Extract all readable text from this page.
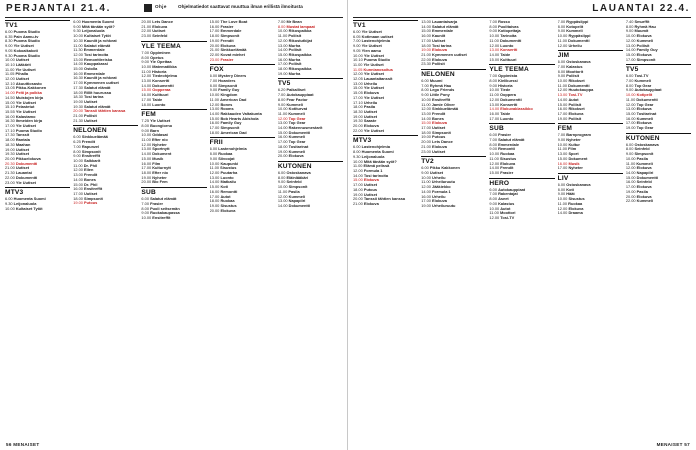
PERJANTAI 21.4.	Ohje Ohjelmatiedot saattavat muuttua ilman erillistä ilmoitusta
TV1
6.00 Puoma Studio
6.35 Pain Aamu-tv
8.30 Puoma Studio
9.00 Yle Uutiset
9.05 Kokoaikakoti
9.30 Puoma Studio
10.00 Uutiset
10.10 Lääkärit
11.00 Yle Uutiset
11.05 Pihalla
12.00 Uutiset
12.10 Akuuttiosasto
13.05 Pikku-Kakkonen
14.00 Pelti ja polkka
14.50 Muistojen kirja
15.00 Yle Uutiset
15.10 Pelastetut
15.55 Yle Uutiset
16.00 Kalastamo
16.30 Ihmeiden kirja
17.00 Yle Uutiset
17.10 Puoma Studio
17.30 Tanssit
18.00 Rantala
18.30 Maahan
19.00 Uutiset
19.30 Uutiset
20.00 Pikkuelokuva
20.30 Dokumentti
21.00 Uutiset
21.30 Lauantai
22.00 Dokumentti
23.00 Yle Uutiset
MTV3
6.00 Huomenta Suomi
9.30 Leijonaluola
10.00 Kultaiset Tytöt
6.00 Huomenta Suomi
9.00 Mitä tänään syöt?
9.30 Leijonaluola
10.00 Kultaiset Tytöt
10.30 Kauniit ja rohkeat
11.00 Salatut elämät
11.30 Emmerdale
12.00 Tosi tarinoita
13.00 Remonttireiska
14.00 Kauppakassi
15.00 Ostolla
16.00 Emmerdale
16.30 Kauniit ja rohkeat
17.00 Kymmenen uutiset
17.30 Salatut elämät
18.00 Rillit huurussa
18.30 Tosi tarina
19.00 Uutiset
19.30 Salatut elämät
20.00 Tanssii tähtien kanssa
21.00 Poliisit
21.30 Uutiset
NELONEN
6.00 Sinkkuelämää
6.25 Frendit
7.00 Rapunzel
8.00 Simpsonit
9.00 Ensitreffit
10.00 Salkkarit
11.00 Dr. Phil
12.00 Ellen
13.00 Frendit
14.00 Bones
15.00 Dr. Phil
16.00 Ensitreffit
17.00 Uutiset
18.00 Simpsonit
19.00 Putous
20.00 Lets Dance
21.00 Elokuva
22.00 Uutiset
23.00 Seinfeld
YLE TEEMA
7.00 Oppiminen
8.00 Opetus
9.00 Yle Opettaa
10.00 Matematiikka
11.00 Historia
12.00 Tiedeohjelma
13.00 Konsertti
14.00 Dokumentti
15.00 Oopperaa
16.00 Kulttuuri
17.00 Taide
18.00 Luonto
FEM
7.25 Yle Uutiset
8.00 Buongiorno
9.00 Barn
10.00 Oddasat
11.00 Efter nio
12.00 Nyheter
13.00 Sportnytt
14.00 Dokument
15.00 Musik
16.00 Film
17.00 Kulturnytt
18.00 Efter nio
19.00 Nyheter
20.00 Bio Fem
SUB
6.00 Salatut elämät
7.00 Frasier
8.00 Puoli seitsemän
9.00 Ruokakaupassa
10.00 Ensitreffit
15.00 The Love Boat
16.00 Frasier
17.00 Emmerdale
18.00 Simpsonit
19.00 Frendit
20.00 Elokuva
21.00 Sinkkuelämää
22.00 Kovat miehet
23.00 Frasier
FOX
6.00 Mystery Diners
7.00 Hoarders
8.00 Simpsonit
9.00 Family Guy
10.00 Kingdom
11.00 American Dad
12.00 Bones
13.00 Rooms
14.00 Rakkauden Valtakunta
15.00 Bob Hearts Abishola
16.00 Family Guy
17.00 Simpsonit
18.00 American Dad
FRII
6.00 Lastenohjelmia
8.00 Ruokaa
9.00 Siivoojat
10.00 Kaupunki
11.00 Sisustus
12.00 Puutarha
13.00 Luonto
14.00 Matkailu
15.00 Koti
16.00 Remontti
17.00 Autot
18.00 Ruokaa
19.00 Sisustus
20.00 Elokuva
7.00 Mr Bean
8.00 Mustat lampaat
10.00 Rikospaikka
11.00 Poliisit
12.00 Rikostutkijat
13.00 Murha
14.00 Poliisit
15.00 Rikospaikka
16.00 Murha
17.00 Poliisit
18.00 Rikospaikka
19.00 Murha
TV5
6.20 Paikalliset
7.00 Autokauppiaat
8.00 Fear Factor
9.00 Kummeli
10.00 Kotiturvat
11.00 Kummeli
12.00 Top Gear
13.00 Top Gear
14.00 Rakennusmestarit
15.00 Dokumentti
16.00 Kummeli
17.00 Top Gear
18.00 Tositarinat
19.00 Kummeli
20.00 Elokuva
KUTONEN
6.00 Ostoskanava
8.00 Eläinlääkäri
9.00 Seinfeld
10.00 Simpsonit
11.00 Pasila
12.00 Kummeli
13.00 Napapiiri
14.00 Dokumentti
56 MENAISET
LAUANTAI 22.4.
TV1
6.00 Yle Uutiset
6.05 Kotimaan uutiset
7.00 Lastenohjelmia
9.00 Yle Uutiset
9.05 Ylen aamu
10.00 Yle Uutiset
10.10 Puoma Studio
11.00 Yle Uutiset
11.05 Kunnianosoitus
12.00 Yle Uutiset
12.05 Lauantaitanssit
13.00 Urheilu
15.00 Yle Uutiset
15.05 Elokuva
17.00 Yle Uutiset
17.10 Urheilu
18.00 Pasila
18.30 Uutiset
19.00 Uutiset
19.30 Saaste
20.00 Elokuva
22.00 Yle Uutiset
MTV3
6.00 Lastenohjelmia
8.00 Huomenta Suomi
9.30 Leijonaluola
10.00 Mitä tänään syöt?
11.00 Elämä pelissä
12.00 Formula 1
14.00 Tosi tarinoita
15.00 Elokuva
17.00 Uutiset
18.00 Putous
19.00 Uutiset
20.00 Tanssii tähtien kanssa
21.00 Elokuva
13.00 Lauantaisarja
14.00 Salatut elämät
15.00 Emmerdale
16.00 Kauniit
17.00 Uutiset
18.00 Tosi tarina
19.00 Elokuva
21.00 Kymmenen uutiset
22.00 Elokuva
23.30 Poliisit
NELONEN
6.00 Muumi
7.00 Ryhmä Hau
8.00 Lego Friends
9.00 Little Pony
10.00 Ensitreffit
11.00 Jamie Oliver
12.00 Sinkkuelämää
13.00 Frendit
14.00 Bones
15.00 Elokuva
17.00 Uutiset
18.00 Simpsonit
19.00 Putous
20.00 Lets Dance
21.00 Elokuva
23.00 Uutiset
TV2
6.00 Pikku Kakkonen
9.00 Uutiset
10.00 Urheilu
11.00 Urheiluruutu
12.00 Jääkiekko
14.00 Formula 1
16.00 Urheilu
17.00 Elokuva
19.00 Urheiluruutu
7.00 Rosso
8.00 Puolitaivas
9.00 Kotiopettaja
10.00 Tarinoita
11.00 Dokumentti
12.00 Luonto
13.00 Konsertti
14.00 Taide
15.00 Kulttuuri
YLE TEEMA
7.00 Oppimista
8.00 Kielikurssi
9.00 Historia
10.00 Tiede
11.00 Ooppera
12.00 Dokumentti
13.00 Konsertti
14.00 Elokuvaklassikko
16.00 Taide
17.00 Luonto
SUB
6.00 Frasier
7.00 Salatut elämät
8.00 Emmerdale
9.00 Remontti
10.00 Ruokaa
11.00 Sisustus
12.00 Elokuva
14.00 Frendit
15.00 Frasier
HERO
6.00 Autokauppiaat
7.00 Rakentajat
8.00 Aseet
9.00 Kalastus
10.00 Autot
11.00 Moottori
12.00 Tosi-TV
7.00 Ryppäsilppi
8.00 Kotopelit
9.00 Kummeli
10.00 Ryppäsilppi
11.00 Dokumentti
12.00 Urheilu
JIM
6.00 Ostoskanava
7.00 Kalastus
8.00 Moottorit
9.00 Poliisit
10.00 Rikokset
11.00 Dokumentti
12.00 Huutokauppa
13.00 Tosi-TV
14.00 Autot
15.00 Poliisit
16.00 Rikokset
17.00 Elokuva
19.00 Poliisit
FEM
7.00 Barnprogram
9.00 Nyheter
10.00 Kultur
11.00 Film
13.00 Sport
15.00 Dokument
16.00 Musik
17.00 Nyheter
LIV
6.00 Ostoskanava
8.00 Koti
9.00 Häät
10.00 Sisustus
11.00 Ruokaa
12.00 Elokuva
14.00 Draama
7.40 Smurffit
8.00 Ryhmä Hau
9.00 Muumit
10.00 Elokuva
12.00 Kummeli
13.00 Poliisit
14.00 Family Guy
15.00 Elokuva
17.00 Simpsonit
TV5
6.00 Tosi-TV
7.00 Kummeli
8.00 Top Gear
9.00 Autokauppiaat
10.00 Kotipelit
11.00 Dokumentti
12.00 Top Gear
13.00 Elokuva
15.00 Tositarinat
16.00 Kummeli
17.00 Elokuva
19.00 Top Gear
KUTONEN
6.00 Ostoskanava
8.00 Seinfeld
9.00 Simpsonit
10.00 Pasila
11.00 Kummeli
12.00 Elokuva
14.00 Napapiiri
15.00 Dokumentti
16.00 Seinfeld
17.00 Elokuva
19.00 Pasila
20.00 Elokuva
22.00 Kummeli
MENAISET 57
